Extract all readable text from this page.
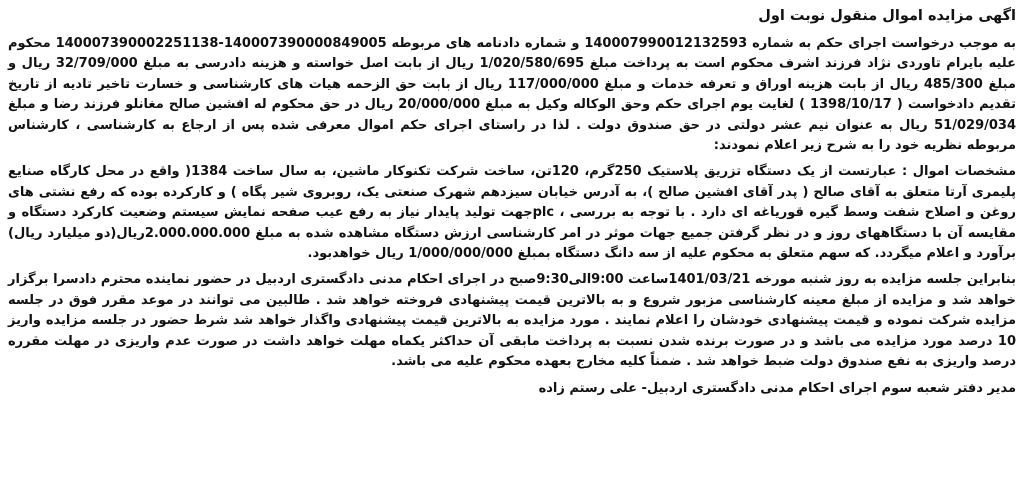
اگهی مزایده اموال منقول نوبت اول

به موجب درخواست اجرای حکم به شماره 140007990012132593 و شماره دادنامه های مربوطه 140007390000849005-140007390002251138 محکوم علیه بایرام تاوردی نژاد فرزند اشرف محکوم است به پرداخت مبلغ 1/020/580/695 ریال از بابت اصل خواسته و هزینه دادرسی به مبلغ 32/709/000 ریال و مبلغ 485/300 ریال از بابت هزینه اوراق و تعرفه خدمات و مبلغ 117/000/000 ریال از بابت حق الزحمه هیات های کارشناسی و خسارت تاخیر تادیه از تاریخ تقدیم دادخواست ( 1398/10/17 ) لغایت یوم اجرای حکم وحق الوکاله وکیل به مبلغ 20/000/000 ریال در حق محکوم له افشین صالح مغانلو فرزند رضا و مبلغ 51/029/034 ریال به عنوان نیم عشر دولتی در حق صندوق دولت . لذا در راستای اجرای حکم اموال معرفی شده پس از ارجاع به کارشناسی ، کارشناس مربوطه نظریه خود را به شرح زیر اعلام نمودند:

مشخصات اموال : عبارتست از یک دستگاه تزریق پلاستیک 250گرم، 120تن، ساخت شرکت تکنوکار ماشین، به سال ساخت 1384( واقع در محل کارگاه صنایع پلیمری آرتا متعلق به آقای صالح ( پدر آقای افشین صالح )، به آدرس خیابان سیزدهم شهرک صنعتی یک، روبروی شیر پگاه ) و کارکرده بوده که رفع نشتی های روغن و اصلاح شفت وسط گیره قوریاغه ای دارد . با توجه به بررسی ، plcجهت تولید پایدار نیاز به رفع عیب صفحه نمایش سیستم وضعیت کارکرد دستگاه و مقایسه آن با دستگاههای روز و در نظر گرفتن جمیع جهات موثر در امر کارشناسی ارزش دستگاه مشاهده شده به مبلغ 2.000.000.000ریال(دو میلیارد ریال) برآورد و اعلام میگردد. که سهم متعلق به محکوم علیه از سه دانگ دستگاه بمبلغ 1/000/000/000 ریال خواهدبود.

بنابراین جلسه مزایده به روز شنبه مورخه 1401/03/21ساعت 9:00الی9:30صبح در اجرای احکام مدنی دادگستری اردبیل در حضور نماینده محترم دادسرا برگزار خواهد شد و مزایده از مبلغ معینه کارشناسی مزبور شروع و به بالاترین قیمت پیشنهادی فروخته خواهد شد . طالبین می توانند در موعد مقرر فوق در جلسه مزایده شرکت نموده و قیمت پیشنهادی خودشان را اعلام نمایند . مورد مزایده به بالاترین قیمت پیشنهادی واگذار خواهد شد شرط حضور در جلسه مزایده واریز 10 درصد مورد مزایده می باشد و در صورت برنده شدن نسبت به پرداخت مابقی آن حداکثر یکماه مهلت خواهد داشت در صورت عدم واریزی در مهلت مقرره درصد واریزی به نفع صندوق دولت ضبط خواهد شد . ضمناً کلیه مخارج بعهده محکوم علیه می باشد.

مدیر دفتر شعبه سوم اجرای احکام مدنی دادگستری اردبیل- علی رستم زاده
